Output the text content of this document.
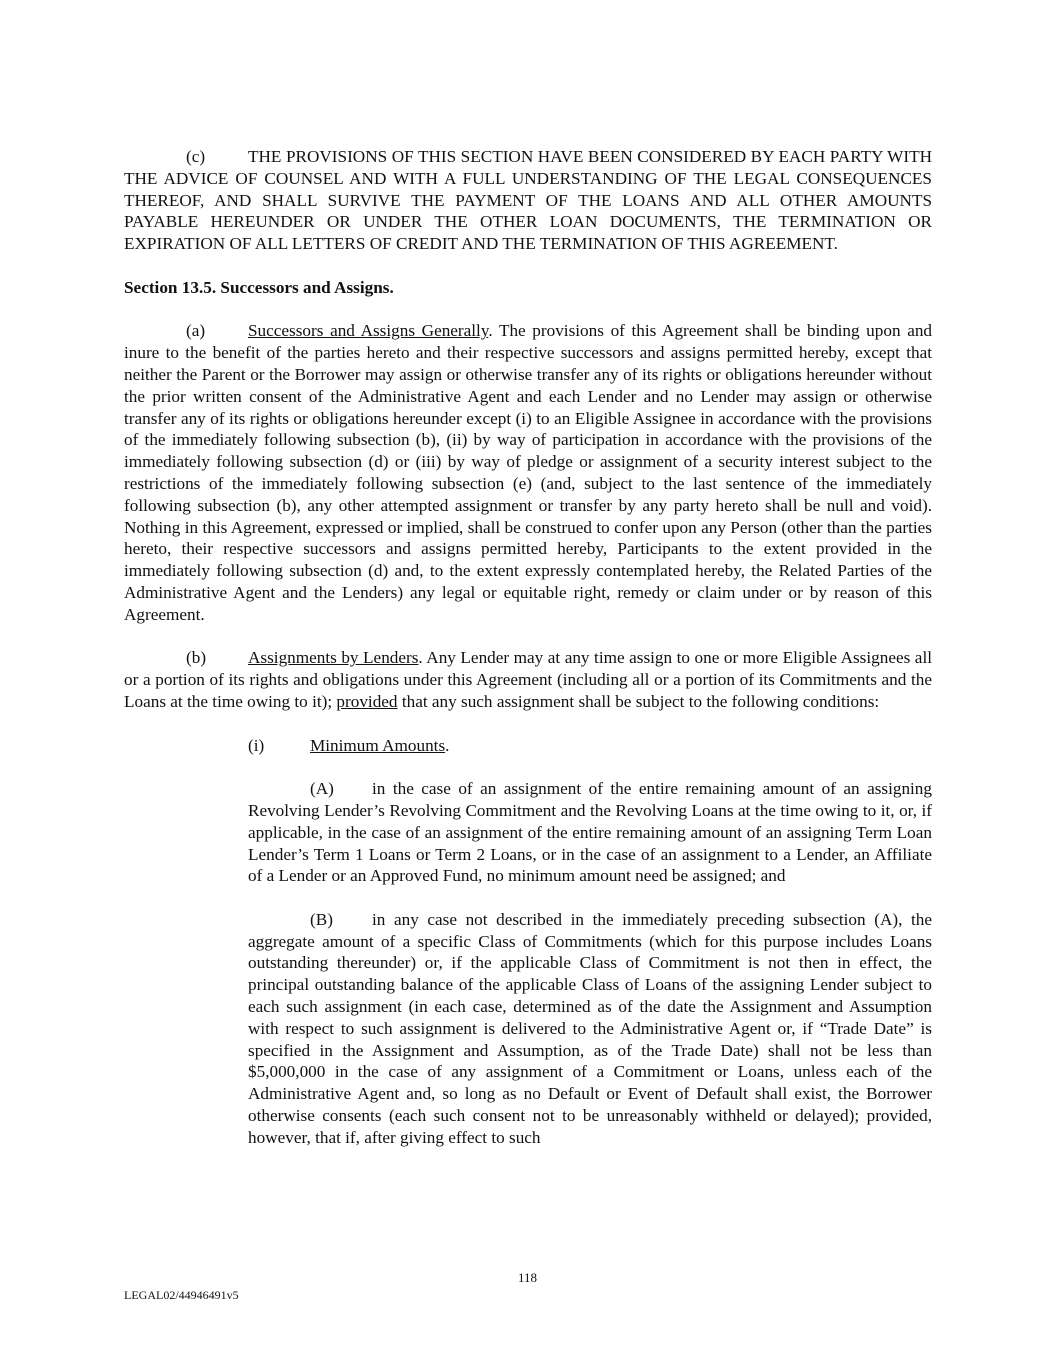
(c) THE PROVISIONS OF THIS SECTION HAVE BEEN CONSIDERED BY EACH PARTY WITH THE ADVICE OF COUNSEL AND WITH A FULL UNDERSTANDING OF THE LEGAL CONSEQUENCES THEREOF, AND SHALL SURVIVE THE PAYMENT OF THE LOANS AND ALL OTHER AMOUNTS PAYABLE HEREUNDER OR UNDER THE OTHER LOAN DOCUMENTS, THE TERMINATION OR EXPIRATION OF ALL LETTERS OF CREDIT AND THE TERMINATION OF THIS AGREEMENT.

Section 13.5. Successors and Assigns.

(a) Successors and Assigns Generally. The provisions of this Agreement shall be binding upon and inure to the benefit of the parties hereto and their respective successors and assigns permitted hereby, except that neither the Parent or the Borrower may assign or otherwise transfer any of its rights or obligations hereunder without the prior written consent of the Administrative Agent and each Lender and no Lender may assign or otherwise transfer any of its rights or obligations hereunder except (i) to an Eligible Assignee in accordance with the provisions of the immediately following subsection (b), (ii) by way of participation in accordance with the provisions of the immediately following subsection (d) or (iii) by way of pledge or assignment of a security interest subject to the restrictions of the immediately following subsection (e) (and, subject to the last sentence of the immediately following subsection (b), any other attempted assignment or transfer by any party hereto shall be null and void). Nothing in this Agreement, expressed or implied, shall be construed to confer upon any Person (other than the parties hereto, their respective successors and assigns permitted hereby, Participants to the extent provided in the immediately following subsection (d) and, to the extent expressly contemplated hereby, the Related Parties of the Administrative Agent and the Lenders) any legal or equitable right, remedy or claim under or by reason of this Agreement.

(b) Assignments by Lenders. Any Lender may at any time assign to one or more Eligible Assignees all or a portion of its rights and obligations under this Agreement (including all or a portion of its Commitments and the Loans at the time owing to it); provided that any such assignment shall be subject to the following conditions:

(i)	Minimum Amounts.

(A) in the case of an assignment of the entire remaining amount of an assigning Revolving Lender’s Revolving Commitment and the Revolving Loans at the time owing to it, or, if applicable, in the case of an assignment of the entire remaining amount of an assigning Term Loan Lender’s Term 1 Loans or Term 2 Loans, or in the case of an assignment to a Lender, an Affiliate of a Lender or an Approved Fund, no minimum amount need be assigned; and

(B) in any case not described in the immediately preceding subsection (A), the aggregate amount of a specific Class of Commitments (which for this purpose includes Loans outstanding thereunder) or, if the applicable Class of Commitment is not then in effect, the principal outstanding balance of the applicable Class of Loans of the assigning Lender subject to each such assignment (in each case, determined as of the date the Assignment and Assumption with respect to such assignment is delivered to the Administrative Agent or, if “Trade Date” is specified in the Assignment and Assumption, as of the Trade Date) shall not be less than $5,000,000 in the case of any assignment of a Commitment or Loans, unless each of the Administrative Agent and, so long as no Default or Event of Default shall exist, the Borrower otherwise consents (each such consent not to be unreasonably withheld or delayed); provided, however, that if, after giving effect to such

118
LEGAL02/44946491v5
